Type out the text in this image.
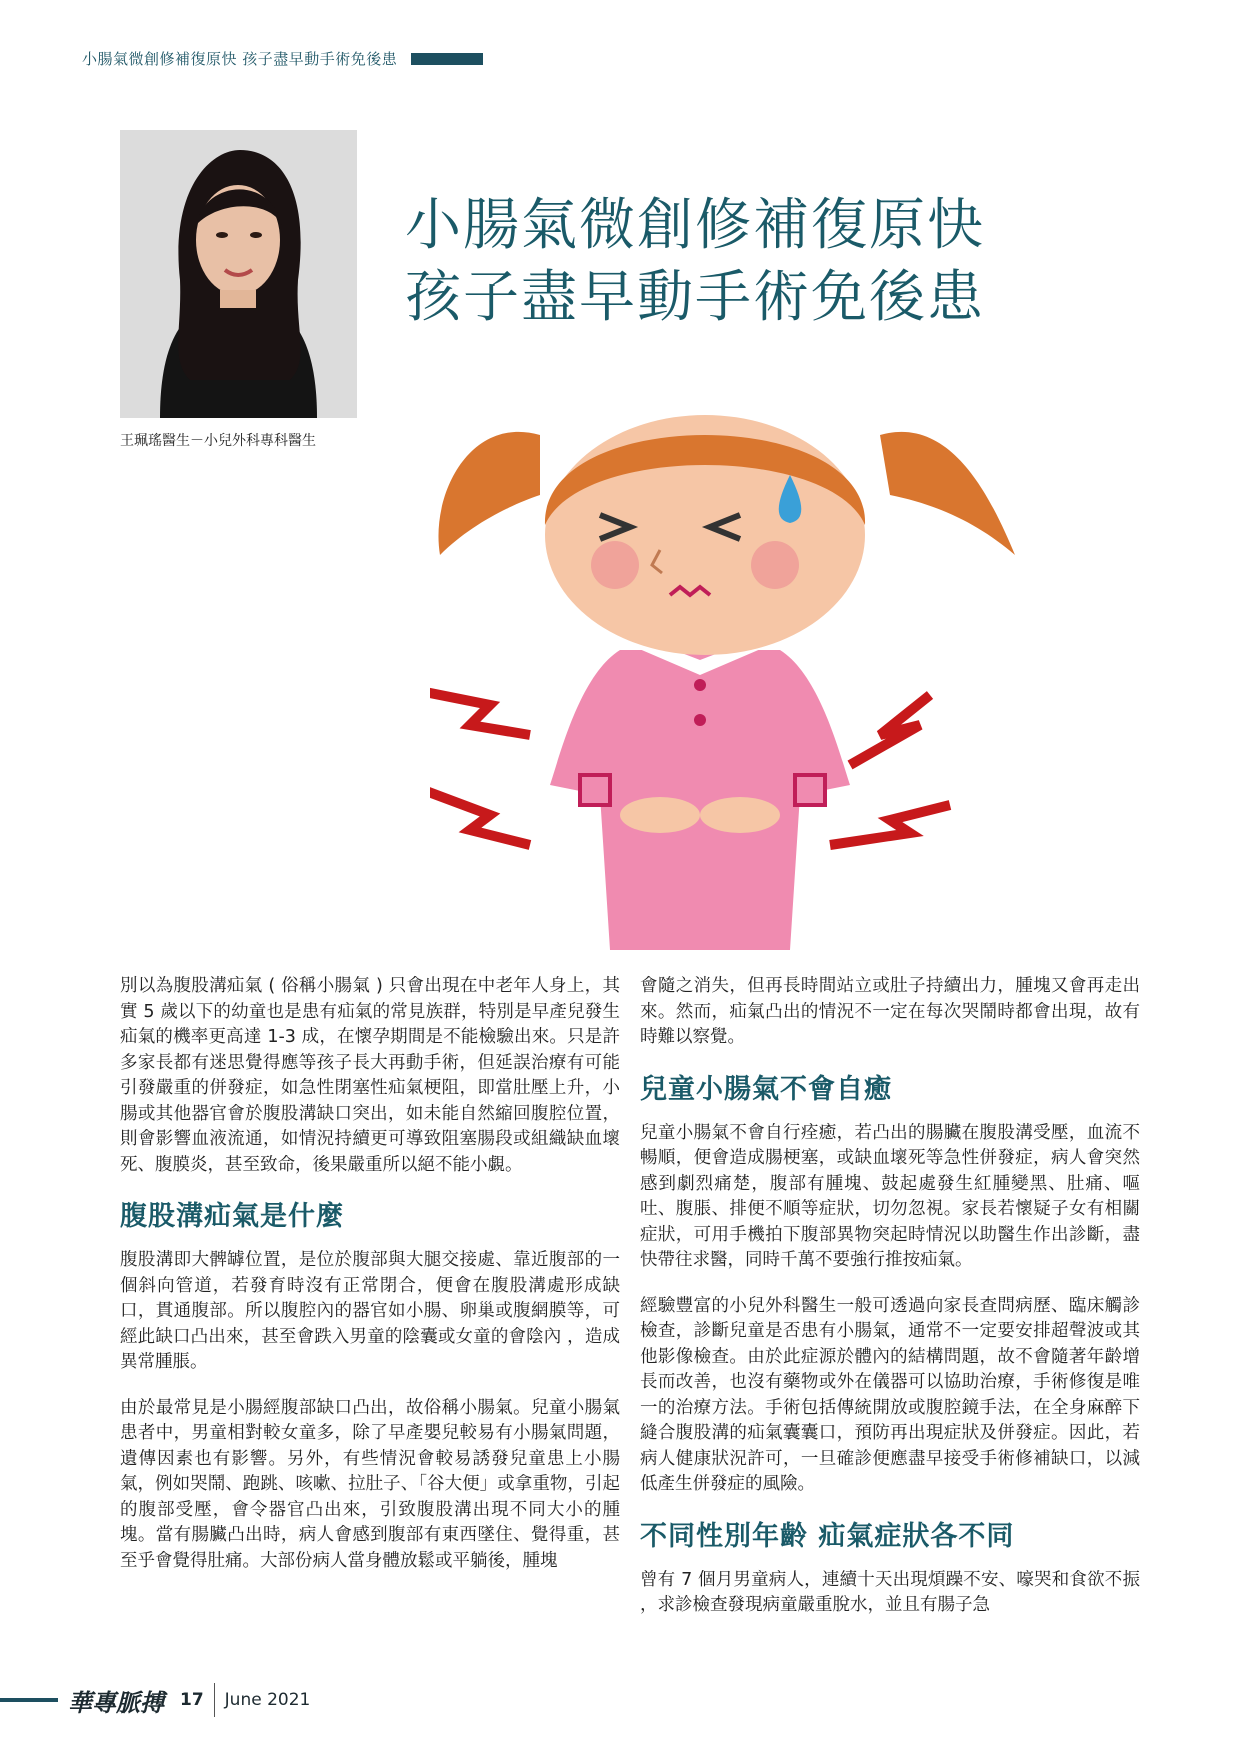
小腸氣微創修補復原快 孩子盡早動手術免後患
王珮瑤醫生－小兒外科專科醫生
小腸氣微創修補復原快
孩子盡早動手術免後患

別以為腹股溝疝氣 ( 俗稱小腸氣 ) 只會出現在中老年人身上，其實 5 歲以下的幼童也是患有疝氣的常見族群，特別是早產兒發生疝氣的機率更高達 1-3 成，在懷孕期間是不能檢驗出來。只是許多家長都有迷思覺得應等孩子長大再動手術，但延誤治療有可能引發嚴重的併發症，如急性閉塞性疝氣梗阻，即當肚壓上升，小腸或其他器官會於腹股溝缺口突出，如未能自然縮回腹腔位置，則會影響血液流通，如情況持續更可導致阻塞腸段或組織缺血壞死、腹膜炎，甚至致命，後果嚴重所以絕不能小覷。

腹股溝疝氣是什麼

腹股溝即大髀罅位置，是位於腹部與大腿交接處、靠近腹部的一個斜向管道，若發育時沒有正常閉合，便會在腹股溝處形成缺口，貫通腹部。所以腹腔內的器官如小腸、卵巢或腹網膜等，可經此缺口凸出來，甚至會跌入男童的陰囊或女童的會陰內 ，造成異常腫脹。

由於最常見是小腸經腹部缺口凸出，故俗稱小腸氣。兒童小腸氣患者中，男童相對較女童多，除了早產嬰兒較易有小腸氣問題，遺傳因素也有影響。另外，有些情況會較易誘發兒童患上小腸氣，例如哭鬧、跑跳、咳嗽、拉肚子、「谷大便」或拿重物，引起的腹部受壓，會令器官凸出來，引致腹股溝出現不同大小的腫塊。當有腸臟凸出時，病人會感到腹部有東西墜住、覺得重，甚至乎會覺得肚痛。大部份病人當身體放鬆或平躺後，腫塊

會隨之消失，但再長時間站立或肚子持續出力，腫塊又會再走出來。然而，疝氣凸出的情況不一定在每次哭鬧時都會出現，故有時難以察覺。

兒童小腸氣不會自癒

兒童小腸氣不會自行痊癒，若凸出的腸臟在腹股溝受壓，血流不暢順，便會造成腸梗塞，或缺血壞死等急性併發症，病人會突然感到劇烈痛楚，腹部有腫塊、鼓起處發生紅腫變黑、肚痛、嘔吐、腹脹、排便不順等症狀，切勿忽視。家長若懷疑子女有相關症狀，可用手機拍下腹部異物突起時情況以助醫生作出診斷，盡快帶往求醫，同時千萬不要強行推按疝氣。

經驗豐富的小兒外科醫生一般可透過向家長查問病歷、臨床觸診檢查，診斷兒童是否患有小腸氣，通常不一定要安排超聲波或其他影像檢查。由於此症源於體內的結構問題，故不會隨著年齡增長而改善，也沒有藥物或外在儀器可以協助治療，手術修復是唯一的治療方法。手術包括傳統開放或腹腔鏡手法，在全身麻醉下縫合腹股溝的疝氣囊囊口，預防再出現症狀及併發症。因此，若病人健康狀況許可，一旦確診便應盡早接受手術修補缺口，以減低產生併發症的風險。

不同性別年齡 疝氣症狀各不同

曾有 7 個月男童病人，連續十天出現煩躁不安、嚎哭和食欲不振 ，求診檢查發現病童嚴重脫水，並且有腸子急

華專脈搏 17 June 2021
